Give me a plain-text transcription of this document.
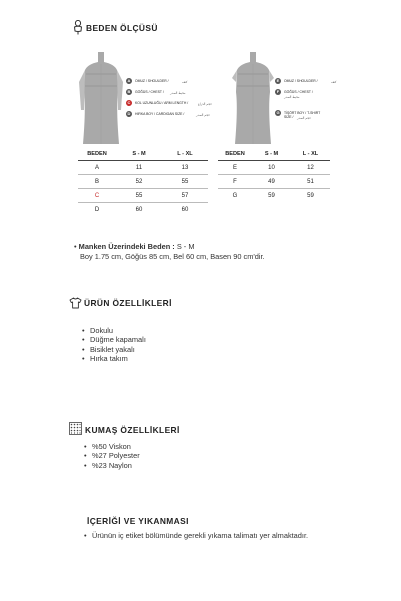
BEDEN ÖLÇÜSÜ
A	OMUZ / SHOULDER /	كتف
B	GÖĞÜS / CHEST / محيط الصدر
C	KOL UZUNLUĞU / ARM LENGTH /	حجم الذراع
D	HIRKA BOY / CARDIGAN SIZE /	حجم الصدر
E	OMUZ / SHOULDER /	كتف
F	GÖĞÜS / CHEST /
محيط الصدر
G	TİŞÖRT BOY / T-SHIRT
SIZE / حجم الصدر
BEDEN	S - M	L - XL
A	11	13
B	52	55
C	55	57
D	60	60
BEDEN	S - M	L - XL
E	10	12
F	49	51
G	59	59
• Manken Üzerindeki Beden : S - M
Boy 1.75 cm, Göğüs 85 cm, Bel 60 cm, Basen 90 cm'dir.
ÜRÜN ÖZELLİKLERİ
• Dokulu
• Düğme kapamalı
• Bisiklet yakalı
• Hırka takım
KUMAŞ ÖZELLİKLERİ
• %50 Viskon
• %27 Polyester
• %23 Naylon
İÇERİĞİ VE YIKANMASI
• Ürünün iç etiket bölümünde gerekli yıkama talimatı yer almaktadır.
